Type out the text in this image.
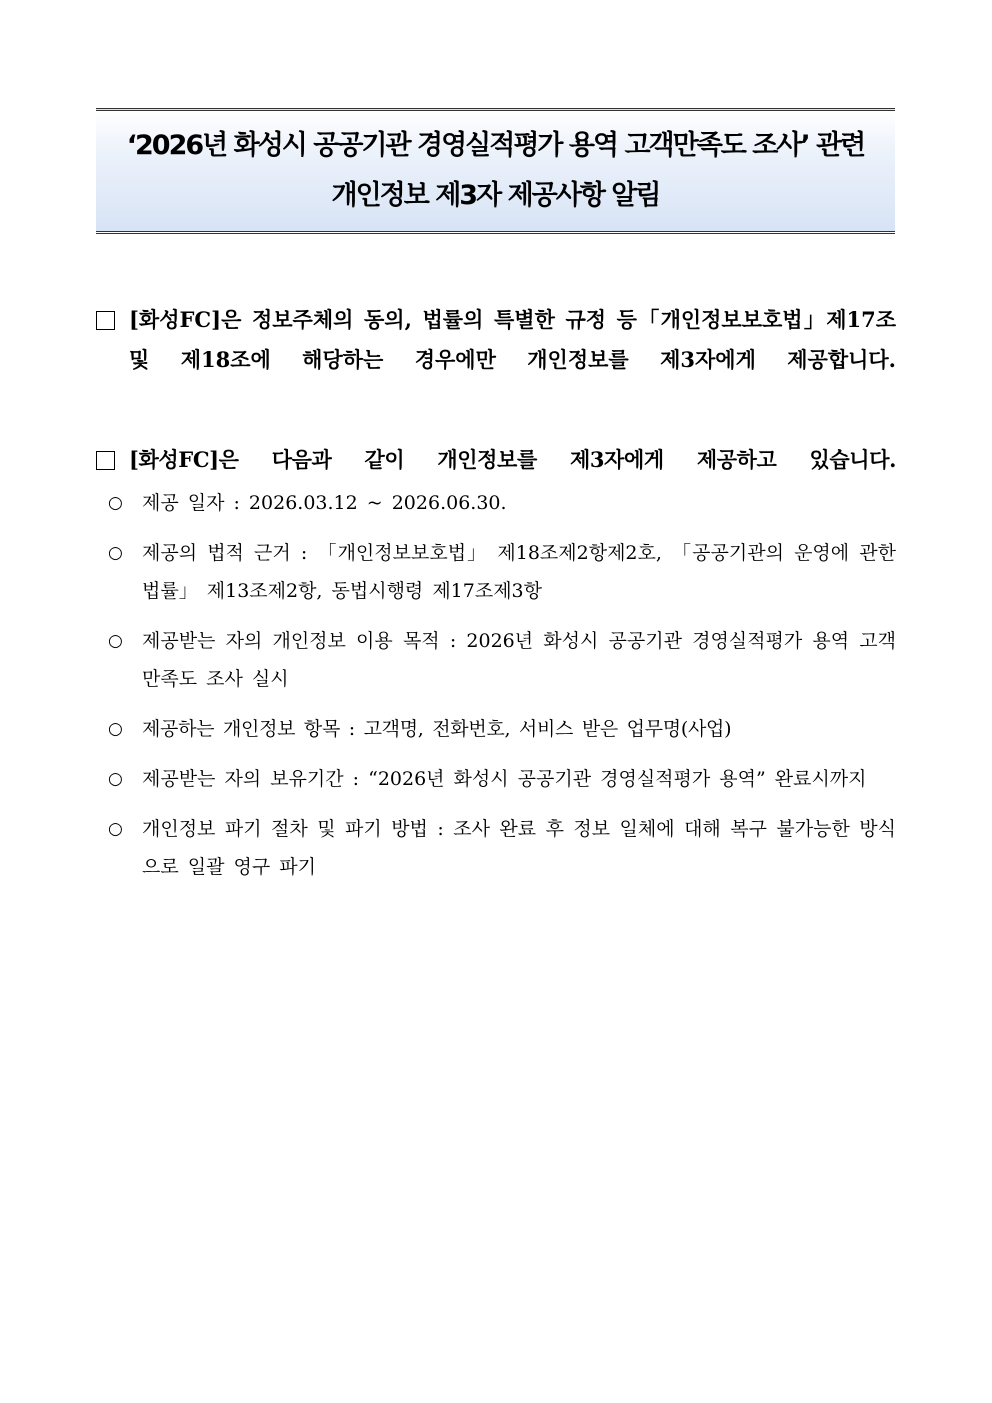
‘2026년 화성시 공공기관 경영실적평가 용역 고객만족도 조사’ 관련
개인정보 제3자 제공사항 알림
[화성FC]은 정보주체의 동의, 법률의 특별한 규정 등「개인정보보호법」제17조 및 제18조에 해당하는 경우에만 개인정보를 제3자에게 제공합니다.
[화성FC]은 다음과 같이 개인정보를 제3자에게 제공하고 있습니다.
○	제공 일자 : 2026.03.12 ~ 2026.06.30.
○	제공의 법적 근거 : 「개인정보보호법」 제18조제2항제2호, 「공공기관의 운영에 관한 법률」 제13조제2항, 동법시행령 제17조제3항
○	제공받는 자의 개인정보 이용 목적 : 2026년 화성시 공공기관 경영실적평가 용역 고객만족도 조사 실시
○	제공하는 개인정보 항목 : 고객명, 전화번호, 서비스 받은 업무명(사업)
○	제공받는 자의 보유기간 : “2026년 화성시 공공기관 경영실적평가 용역” 완료시까지
○	개인정보 파기 절차 및 파기 방법 : 조사 완료 후 정보 일체에 대해 복구 불가능한 방식으로 일괄 영구 파기
